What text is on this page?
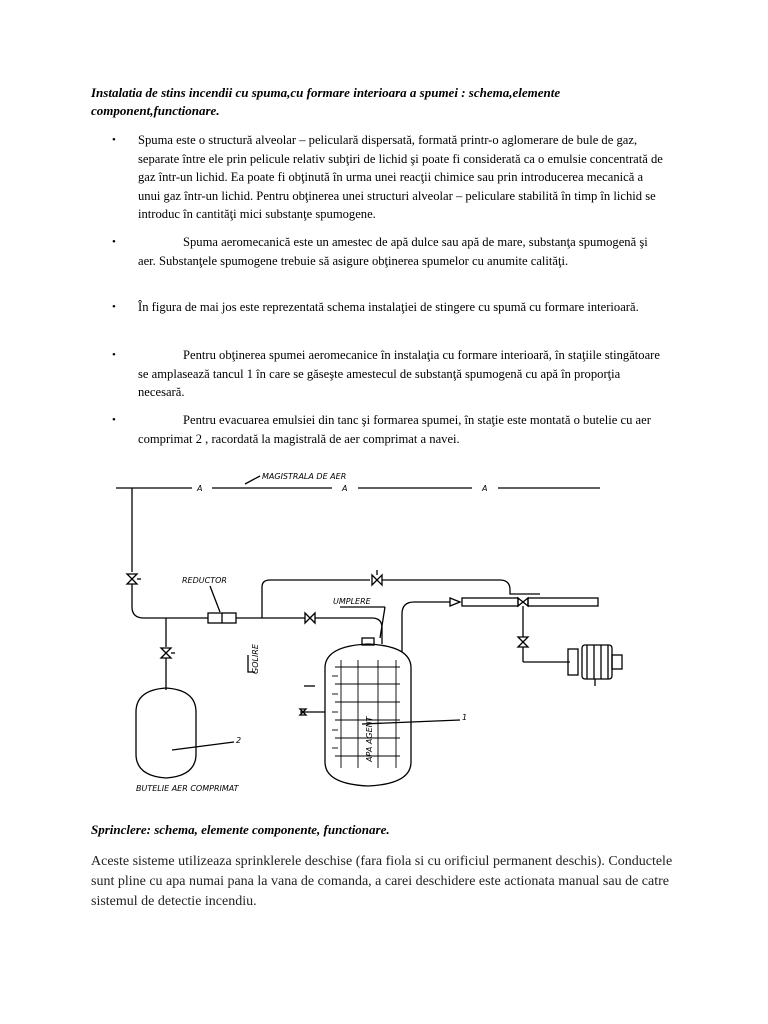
Instalatia de stins incendii cu spuma,cu formare interioara a spumei : schema,elemente component,functionare.
• Spuma este o structură alveolar – peliculară dispersată, formată printr-o aglomerare de bule de gaz, separate între ele prin pelicule relativ subţiri de lichid şi poate fi considerată ca o emulsie concentrată de gaz într-un lichid. Ea poate fi obţinută în urma unei reacţii chimice sau prin introducerea mecanică a unui gaz într-un lichid. Pentru obţinerea unei structuri alveolar – peliculare stabilită în timp în lichid se introduc în cantităţi mici substanţe spumogene.
•	Spuma aeromecanică este un amestec de apă dulce sau apă de mare, substanţa spumogenă şi aer. Substanţele spumogene trebuie să asigure obţinerea spumelor cu anumite calităţi.
• În figura de mai jos este reprezentată schema instalaţiei de stingere cu spumă cu formare interioară.
•	Pentru obţinerea spumei aeromecanice în instalaţia cu formare interioară, în staţiile stingătoare se amplasează tancul 1 în care se găseşte amestecul de substanţă spumogenă cu apă în proporţia necesară.
•	Pentru evacuarea emulsiei din tanc şi formarea spumei, în staţie este montată o butelie cu aer comprimat 2 , racordată la magistrală de aer comprimat a navei.
MAGISTRALA DE AER
A	A	A
REDUCTOR
UMPLERE
GOLIRE
APA AGENT	1
2
BUTELIE AER COMPRIMAT
Sprinclere: schema, elemente componente, functionare.
Aceste sisteme utilizeaza sprinklerele deschise (fara fiola si cu orificiul permanent deschis). Conductele sunt pline cu apa numai pana la vana de comanda, a carei deschidere este actionata manual sau de catre sistemul de detectie incendiu.
